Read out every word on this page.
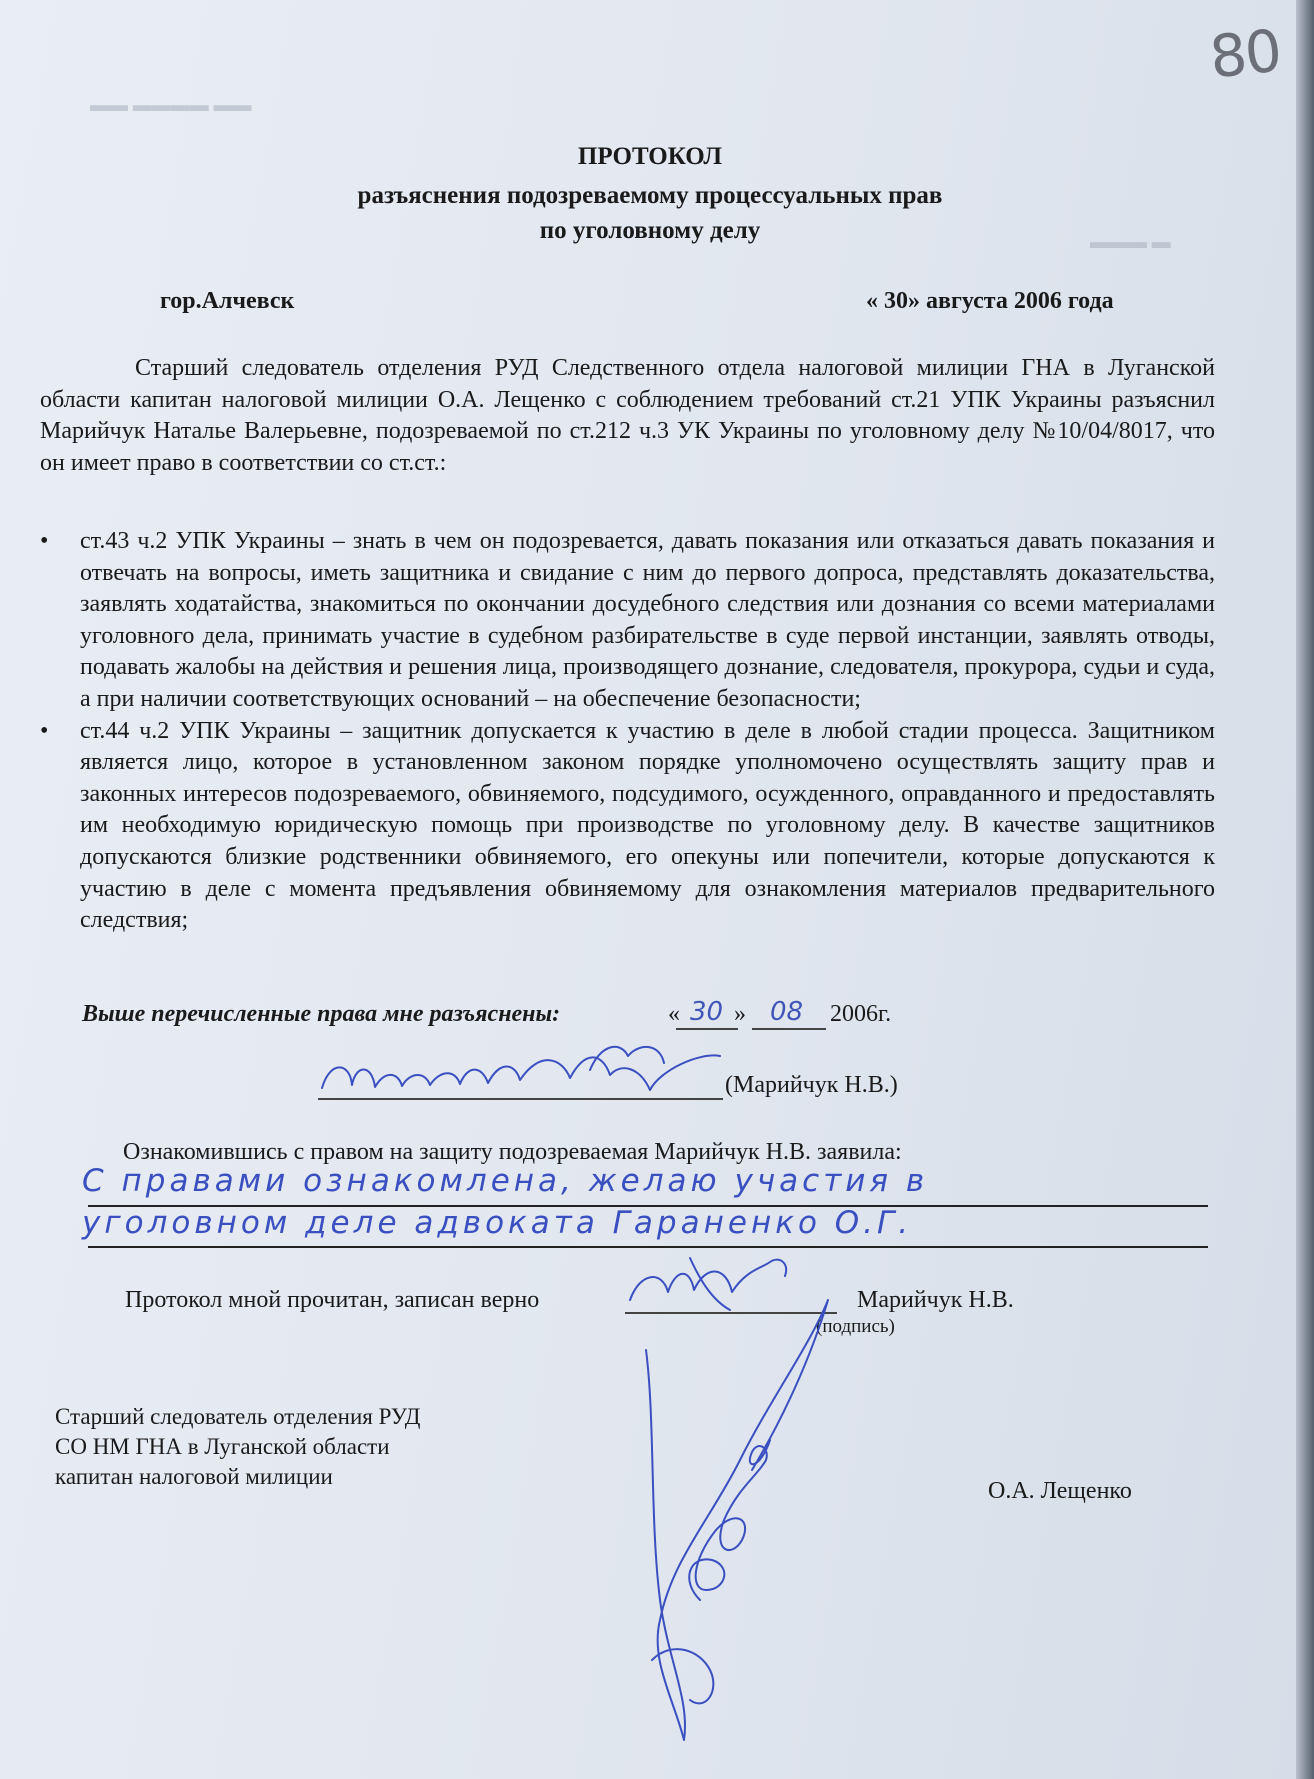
▬▬ ▬▬▬▬ ▬▬
▬▬▬ ▬
80
ПРОТОКОЛ
разъяснения подозреваемому процессуальных прав
по уголовному делу
гор.Алчевск	« 30» августа 2006 года
Старший следователь отделения РУД Следственного отдела налоговой милиции ГНА в Луганской области капитан налоговой милиции О.А. Лещенко с соблюдением требований ст.21 УПК Украины разъяснил Марийчук Наталье Валерьевне, подозреваемой по ст.212 ч.3 УК Украины по уголовному делу №10/04/8017, что он имеет право в соответствии со ст.ст.:
• ст.43 ч.2 УПК Украины – знать в чем он подозревается, давать показания или отказаться давать показания и отвечать на вопросы, иметь защитника и свидание с ним до первого допроса, представлять доказательства, заявлять ходатайства, знакомиться по окончании досудебного следствия или дознания со всеми материалами уголовного дела, принимать участие в судебном разбирательстве в суде первой инстанции, заявлять отводы, подавать жалобы на действия и решения лица, производящего дознание, следователя, прокурора, судьи и суда, а при наличии соответствующих оснований – на обеспечение безопасности;
• ст.44 ч.2 УПК Украины – защитник допускается к участию в деле в любой стадии процесса. Защитником является лицо, которое в установленном законом порядке уполномочено осуществлять защиту прав и законных интересов подозреваемого, обвиняемого, подсудимого, осужденного, оправданного и предоставлять им необходимую юридическую помощь при производстве по уголовному делу. В качестве защитников допускаются близкие родственники обвиняемого, его опекуны или попечители, которые допускаются к участию в деле с момента предъявления обвиняемому для ознакомления материалов предварительного следствия;
Выше перечисленные права мне разъяснены:	« 30 » 08 2006г.
(Марийчук Н.В.)
Ознакомившись с правом на защиту подозреваемая Марийчук Н.В. заявила:
С правами ознакомлена, желаю участия в
уголовном деле адвоката Гараненко О.Г.
Протокол мной прочитан, записан верно	Марийчук Н.В.
(подпись)
Старший следователь отделения РУД
СО НМ ГНА в Луганской области
капитан налоговой милиции
О.А. Лещенко
